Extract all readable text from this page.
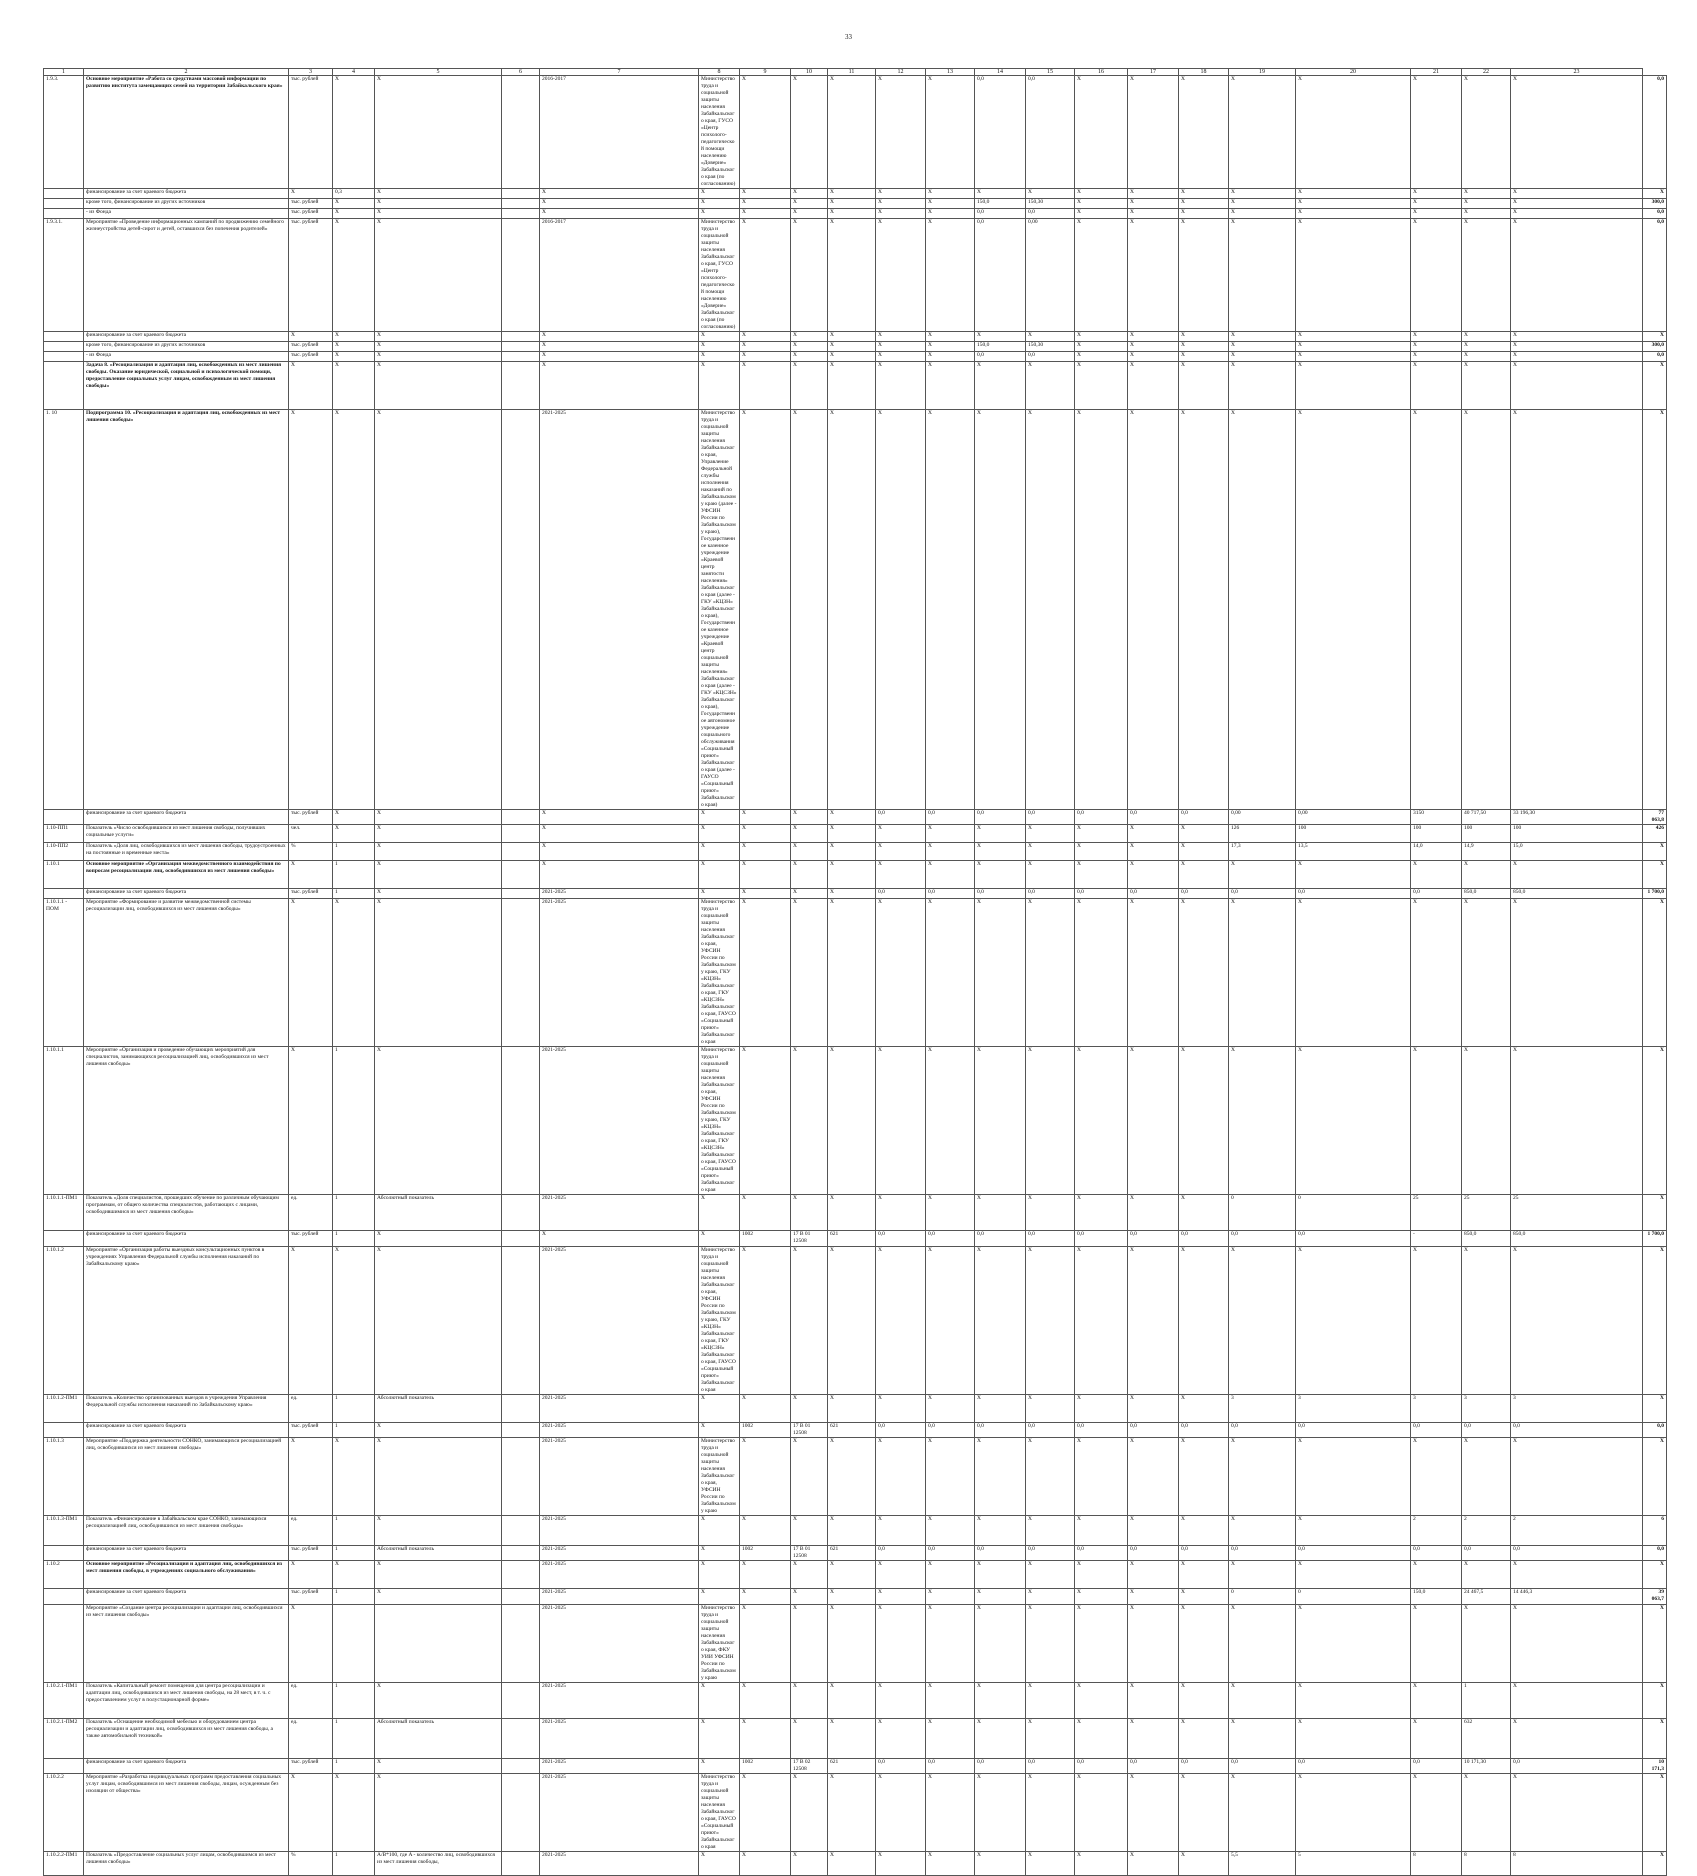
33
1	2	3	4	5		6	7	8	9	10	11	12	13	14	15	16	17	18	19	20	21	22	23	
1.9.3.	Основное мероприятие «Работа со средствами массовой информации по развитию института замещающих семей на территории Забайкальского края»	тыс. рублей	X	X			2016-2017	Министерство труда и социальной защиты населения Забайкальского края, ГУСО «Центр психолого-педагогической помощи населению «Доверие» Забайкальского края (по согласованию)	X	X	X	X	X	0,0	0,0	X	X	X	X	X	X	X	X	0,0
	финансирование за счет краевого бюджета	X	0,3	X			X	X	X	X	X	X	X	X	X	X	X	X	X	X	X	X	X	X
	кроме того, финансирование из других источников	тыс. рублей	X	X			X	X	X	X	X	X	X	150,0	150,30	X	X	X	X	X	X	X	X	300,0
	- из Фонда	тыс. рублей	X	X			X	X	X	X	X	X	X	0,0	0,0	X	X	X	X	X	X	X	X	0,0
1.9.3.1.	Мероприятие «Проведение информационных кампаний по продвижению семейного жизнеустройства детей-сирот и детей, оставшихся без попечения родителей»	тыс. рублей	X	X			2016-2017	Министерство труда и социальной защиты населения Забайкальского края, ГУСО «Центр психолого-педагогической помощи населению «Доверие» Забайкальского края (по согласованию)	X	X	X	X	X	0,0	0,00	X	X	X	X	X	X	X	X	0,0
	финансирование за счет краевого бюджета	X	X	X			X	X	X	X	X	X	X	X	X	X	X	X	X	X	X	X	X	X
	кроме того, финансирование из других источников	тыс. рублей	X	X			X	X	X	X	X	X	X	150,0	150,30	X	X	X	X	X	X	X	X	300,0
	- из Фонда	тыс. рублей	X	X			X	X	X	X	X	X	X	0,0	0,0	X	X	X	X	X	X	X	X	0,0
	Задача 8. «Ресоциализация и адаптация лиц, освобожденных из мест лишения свободы. Оказание юридической, социальной и психологической помощи, предоставление социальных услуг лицам, освобожденным из мест лишения свободы»	X	X	X			X	X	X	X	X	X	X	X	X	X	X	X	X	X	X	X	X	X
1. 10	Подпрограмма 10. «Ресоциализация и адаптация лиц, освобожденных из мест лишения свободы»	X	X	X			2021-2025	Министерство труда и социальной защиты населения Забайкальского края, Управление Федеральной службы исполнения наказаний по Забайкальскому краю (далее - УФСИН России по Забайкальскому краю), Государственное казенное учреждение «Краевой центр занятости населения» Забайкальского края (далее - ГКУ «КЦЗН» Забайкальского края), Государственное казенное учреждение «Краевой центр социальной защиты населения» Забайкальского края (далее - ГКУ «КЦСЗН» Забайкальского края), Государственное автономное учреждение социального обслуживания «Социальный приют» Забайкальского края (далее - ГАУСО «Социальный приют» Забайкальского края)	X	X	X	X	X	X	X	X	X	X	X	X	X	X	X	X
	финансирование за счет краевого бюджета	тыс. рублей	X	X			X	X	X	X	X	0,0	0,0	0,0	0,0	0,0	0,0	0,0	0,00	0,00	3150	40 717,50	33 196,30	77 063,8
1.10-ПП1	Показатель «Число освободившихся из мест лишения свободы, получивших социальные услуги»	чел.	X	X			X	X	X	X	X	X	X	X	X	X	X	X	126	100	100	100	100	426
1.10-ПП2	Показатель «Доля лиц, освободившихся из мест лишения свободы, трудоустроенных на постоянные и временные места»	%	1	X			X	X	X	X	X	X	X	X	X	X	X	X	17,3	13,5	14,0	14,9	15,0	X
1.10.1	Основное мероприятие «Организация межведомственного взаимодействия по вопросам ресоциализации лиц, освободившихся из мест лишения свободы»	X	1	X			X	X	X	X	X	X	X	X	X	X	X	X	X	X	X	X	X	X
	финансирование за счет краевого бюджета	тыс. рублей	1	X			2021-2025	X	X	X	X	0,0	0,0	0,0	0,0	0,0	0,0	0,0	0,0	0,0	0,0	850,0	850,0	1 700,0
1.10.1.1 - ПОМ	Мероприятие «Формирование и развитие межведомственной системы ресоциализации лиц, освободившихся из мест лишения свободы»	X	X	X			2021-2025	Министерство труда и социальной защиты населения Забайкальского края, УФСИН России по Забайкальскому краю, ГКУ «КЦЗН» Забайкальского края, ГКУ «КЦСЗН» Забайкальского края, ГАУСО «Социальный приют» Забайкальского края	X	X	X	X	X	X	X	X	X	X	X	X	X	X	X	X
1.10.1.1	Мероприятие «Организация и проведение обучающих мероприятий для специалистов, занимающихся ресоциализацией лиц, освободившихся из мест лишения свободы»	X	1	X			2021-2025	Министерство труда и социальной защиты населения Забайкальского края, УФСИН России по Забайкальскому краю, ГКУ «КЦЗН» Забайкальского края, ГКУ «КЦСЗН» Забайкальского края, ГАУСО «Социальный приют» Забайкальского края	X	X	X	X	X	X	X	X	X	X	X	X	X	X	X	X
1.10.1.1-ПМ1	Показатель «Доля специалистов, прошедших обучение по различным обучающим программам, от общего количества специалистов, работающих с лицами, освободившимися из мест лишения свободы»	ед.	1	Абсолютный показатель			2021-2025	X	X	X	X	X	X	X	X	X	X	X	0	0	25	25	25	X
	финансирование за счет краевого бюджета	тыс. рублей	1	X			X	X	1002	17 В 01 12508	621	0,0	0,0	0,0	0,0	0,0	0,0	0,0	0,0	0,0	-	850,0	850,0	1 700,0
1.10.1.2	Мероприятие «Организация работы выездных консультационных пунктов в учреждениях Управления Федеральной службы исполнения наказаний по Забайкальскому краю»	X	X	X			2021-2025	Министерство труда и социальной защиты населения Забайкальского края, УФСИН России по Забайкальскому краю, ГКУ «КЦЗН» Забайкальского края, ГКУ «КЦСЗН» Забайкальского края, ГАУСО «Социальный приют» Забайкальского края	X	X	X	X	X	X	X	X	X	X	X	X	X	X	X	X
1.10.1.2-ПМ1	Показатель «Количество организованных выездов в учреждения Управления Федеральной службы исполнения наказаний по Забайкальскому краю»	ед.	1	Абсолютный показатель			2021-2025	X	X	X	X	X	X	X	X	X	X	X	3	3	3	3	3	X
	финансирование за счет краевого бюджета	тыс. рублей	1	X			2021-2025	X	1002	17 В 01 12508	621	0,0	0,0	0,0	0,0	0,0	0,0	0,0	0,0	0,0	0,0	0,0	0,0	0,0
1.10.1.3	Мероприятие «Поддержка деятельности СОНКО, занимающихся ресоциализацией лиц, освободившихся из мест лишения свободы»	X	X	X			2021-2025	Министерство труда и социальной защиты населения Забайкальского края, УФСИН России по Забайкальскому краю	X	X	X	X	X	X	X	X	X	X	X	X	X	X	X	X
1.10.1.3-ПМ1	Показатель «Финансирование в Забайкальском крае СОНКО, занимающихся ресоциализацией лиц, освободившихся из мест лишения свободы»	ед.	1	X			2021-2025	X	X	X	X	X	X	X	X	X	X	X	X	X	2	2	2	6
	финансирование за счет краевого бюджета	тыс. рублей	1	Абсолютный показатель			2021-2025	X	1002	17 В 01 12508	621	0,0	0,0	0,0	0,0	0,0	0,0	0,0	0,0	0,0	0,0	0,0	0,0	0,0
1.10.2	Основное мероприятие «Ресоциализация и адаптация лиц, освободившихся из мест лишения свободы, в учреждениях социального обслуживания»	X	X	X			2021-2025	X	X	X	X	X	X	X	X	X	X	X	X	X	X	X	X	X
	финансирование за счет краевого бюджета	тыс. рублей	1	X			2021-2025	X	X	X	X	X	X	X	X	X	X	X	0	0	150,0	24 467,5	14 446,3	39 063,7
	Мероприятие «Создание центра ресоциализации и адаптации лиц, освободившихся из мест лишения свободы»	X					2021-2025	Министерство труда и социальной защиты населения Забайкальского края, ФКУ УИИ УФСИН России по Забайкальскому краю	X	X	X	X	X	X	X	X	X	X	X	X	X	X	X	X
1.10.2.1-ПМ1	Показатель «Капитальный ремонт помещения для центра ресоциализации и адаптации лиц, освободившихся из мест лишения свободы, на 28 мест, в т. ч. с предоставлением услуг в полустационарной форме»	ед.	1	X			2021-2025	X	X	X	X	X	X	X	X	X	X	X	X	X	X	1	X	X
1.10.2.1-ПМ2	Показатель «Оснащение необходимой мебелью и оборудованием центра ресоциализации и адаптации лиц, освободившихся из мест лишения свободы, а также автомобильной техникой»	ед.	1	Абсолютный показатель			2021-2025	X	X	X	X	X	X	X	X	X	X	X	X	X	X	632	X	X
	финансирование за счет краевого бюджета	тыс. рублей	1	X			2021-2025	X	1002	17 В 02 12508	621	0,0	0,0	0,0	0,0	0,0	0,0	0,0	0,0	0,0	0,0	10 171,30	0,0	10 171,3
1.10.2.2	Мероприятие «Разработка индивидуальных программ предоставления социальных услуг лицам, освободившимся из мест лишения свободы, лицам, осужденным без изоляции от общества»	X	X	X			2021-2025	Министерство труда и социальной защиты населения Забайкальского края, ГАУСО «Социальный приют» Забайкальского края	X	X	X	X	X	X	X	X	X	X	X	X	X	X	X	X
1.10.2.2-ПМ1	Показатель «Предоставление социальных услуг лицам, освободившимся из мест лишения свободы»	%	1	A/B*100, где A - количество лиц, освободившихся из мест лишения свободы,			2021-2025	X	X	X	X	X	X	X	X	X	X	X	5,5	5	8	8	8	X
